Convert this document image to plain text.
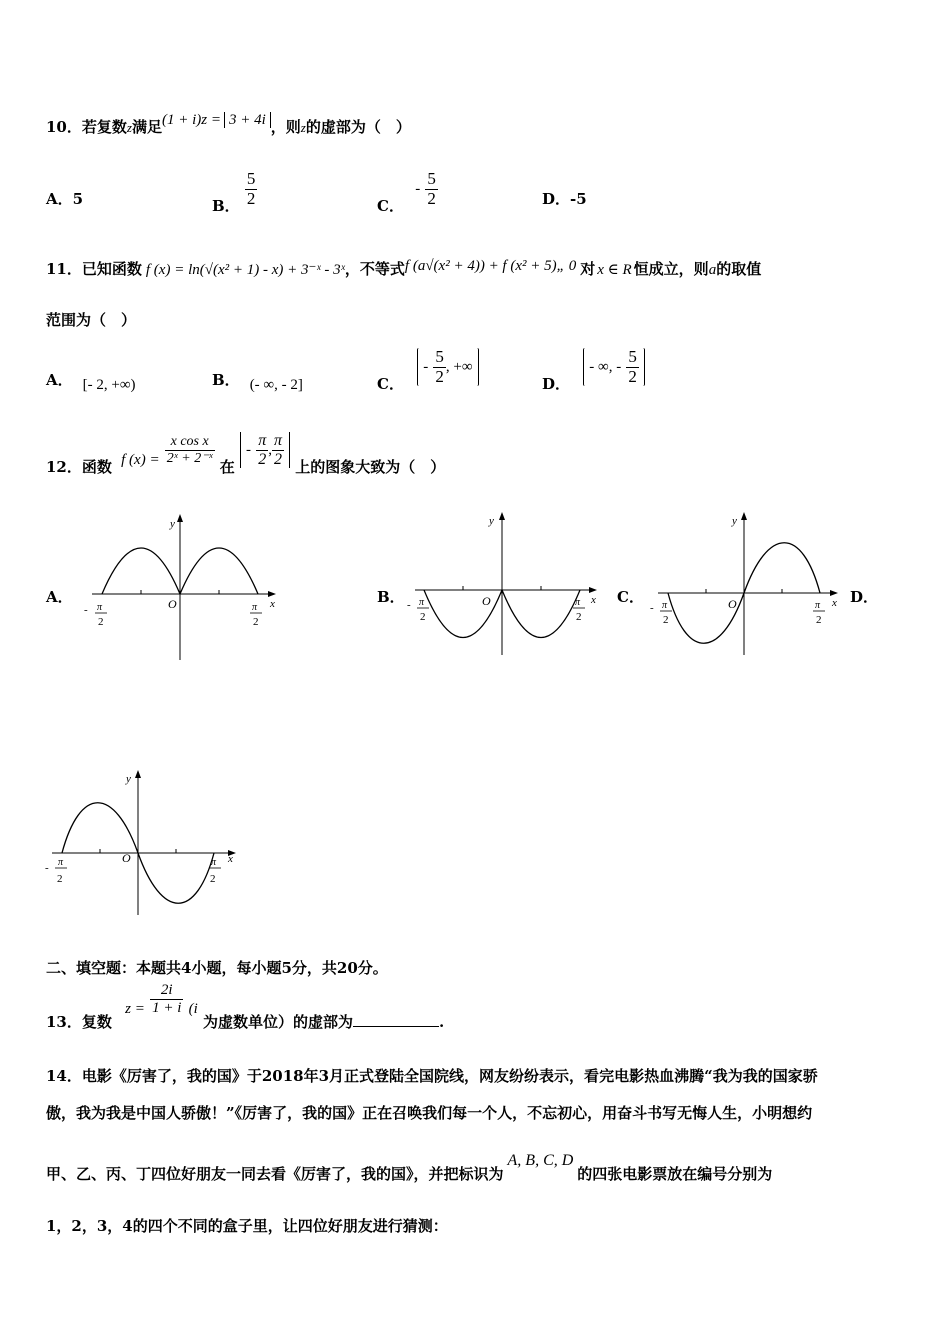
10．若复数z满足(1 + i)z = 3 + 4i ，则z的虚部为（　）
A．5	B． $\frac{5}{2}$	C． - $\frac{5}{2}$	D．-5
11．已知函数 f (x) = ln(√(x² + 1) - x) + 3⁻ˣ - 3ˣ，不等式f (a√(x² + 4)) + f (x² + 5)„ 0 对 x ∈ R 恒成立，则a的取值
范围为（　）
A． [- 2, +∞)	B． (- ∞, - 2]	C． - $\frac{5}{2}$ , +∞
D． - ∞, - $\frac{5}{2}$
12．函数 f $(x) = \frac{\text{x cos x}}{\text{2ˣ + 2⁻ˣ}}$
在 - $\frac{\pi}{2}$ , $\frac{\pi}{2}$ 上的图象大致为（　）
A．	B．	C．	D．
y
x
O
- π
2
π
2
y
x
O
- π
2
π
2
y
x
O
- π
2
π
2
y
x
O
- π
2
π
2
二、填空题：本题共4小题，每小题5分，共20分。
13．复数 $z = \frac{2i}{1 + i} (i$ 为虚数单位）的虚部为	.
14．电影《厉害了，我的国》于2018年3月正式登陆全国院线，网友纷纷表示，看完电影热血沸腾“我为我的国家骄
傲，我为我是中国人骄傲！”《厉害了，我的国》正在召唤我们每一个人，不忘初心，用奋斗书写无悔人生，小明想约
甲、乙、丙、丁四位好朋友一同去看《厉害了，我的国》，并把标识为A, B, C, D的四张电影票放在编号分别为
1，2，3，4的四个不同的盒子里，让四位好朋友进行猜测：
